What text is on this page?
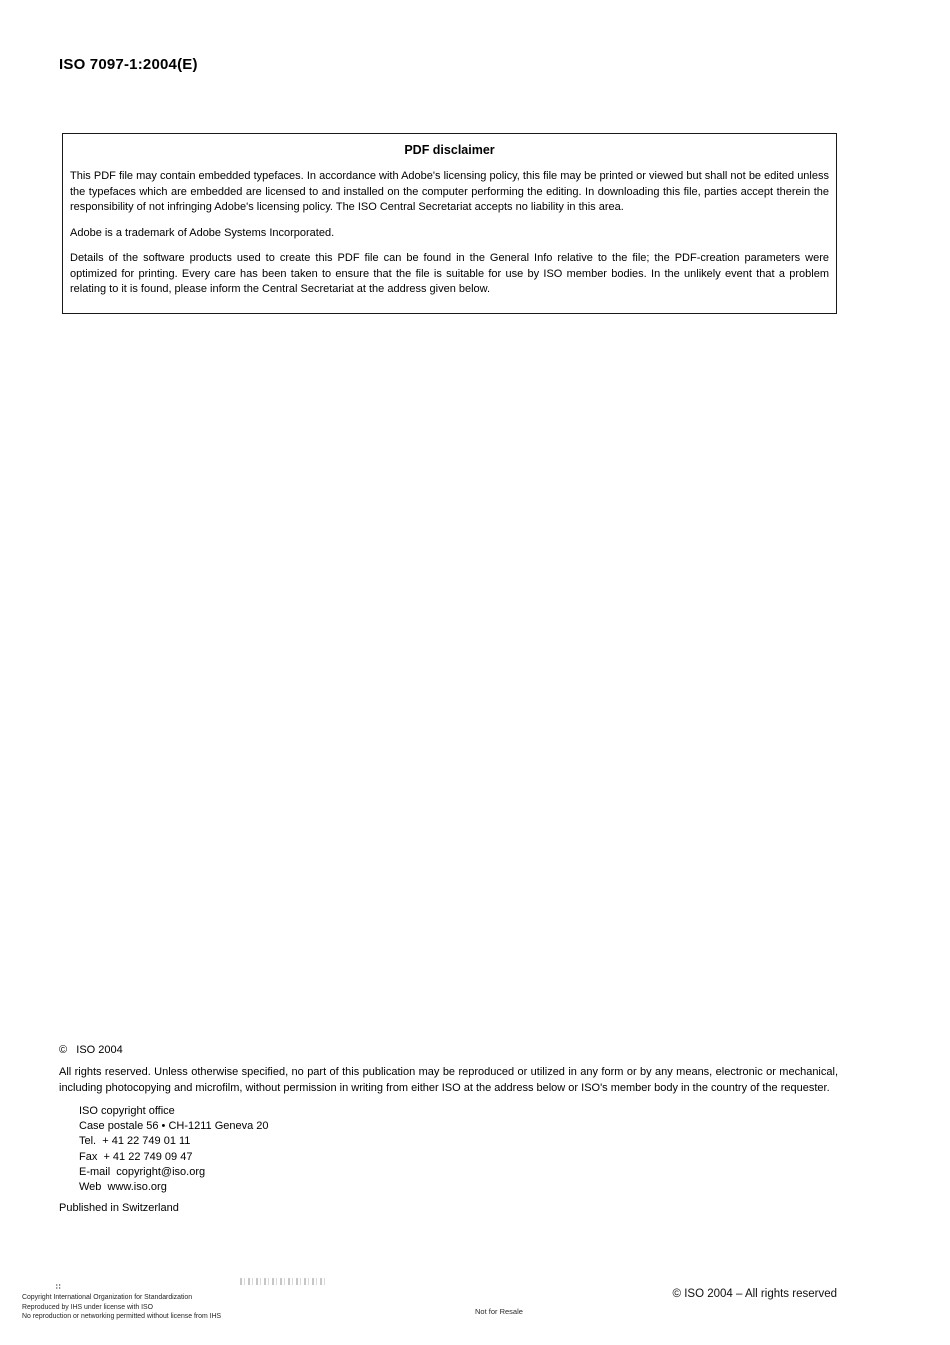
ISO 7097-1:2004(E)
PDF disclaimer

This PDF file may contain embedded typefaces. In accordance with Adobe's licensing policy, this file may be printed or viewed but shall not be edited unless the typefaces which are embedded are licensed to and installed on the computer performing the editing. In downloading this file, parties accept therein the responsibility of not infringing Adobe's licensing policy. The ISO Central Secretariat accepts no liability in this area.

Adobe is a trademark of Adobe Systems Incorporated.

Details of the software products used to create this PDF file can be found in the General Info relative to the file; the PDF-creation parameters were optimized for printing. Every care has been taken to ensure that the file is suitable for use by ISO member bodies. In the unlikely event that a problem relating to it is found, please inform the Central Secretariat at the address given below.

©   ISO 2004

All rights reserved. Unless otherwise specified, no part of this publication may be reproduced or utilized in any form or by any means, electronic or mechanical, including photocopying and microfilm, without permission in writing from either ISO at the address below or ISO's member body in the country of the requester.

ISO copyright office

Case postale 56 • CH-1211 Geneva 20

Tel.  + 41 22 749 01 11

Fax  + 41 22 749 09 47

E-mail  copyright@iso.org

Web  www.iso.org

Published in Switzerland

∷
Copyright International Organization for Standardization
Reproduced by IHS under license with ISO
No reproduction or networking permitted without license from IHS
Not for Resale
© ISO 2004 – All rights reserved
